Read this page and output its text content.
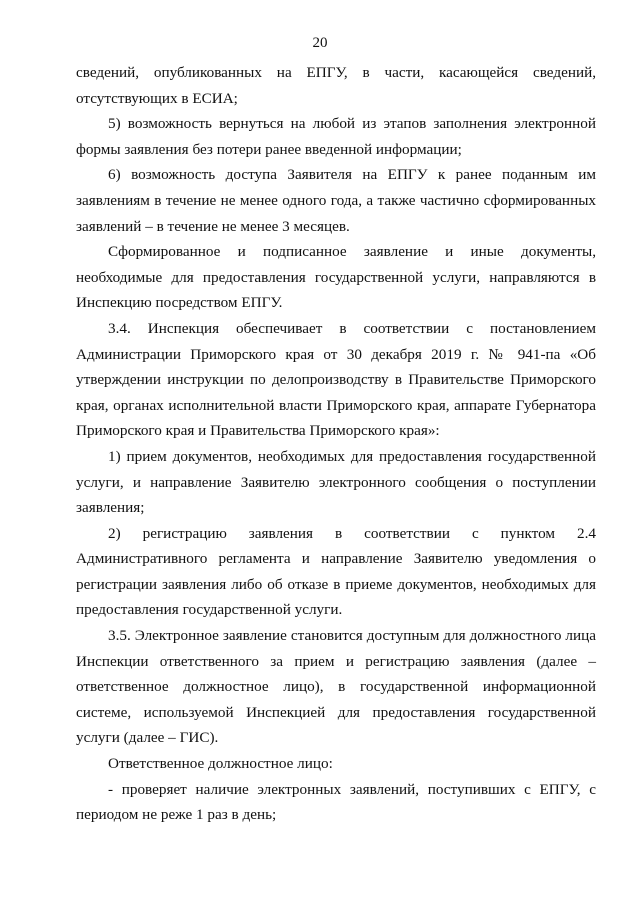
20

сведений, опубликованных на ЕПГУ, в части, касающейся сведений, отсутствующих в ЕСИА;

5) возможность вернуться на любой из этапов заполнения электронной формы заявления без потери ранее введенной информации;

6) возможность доступа Заявителя на ЕПГУ к ранее поданным им заявлениям в течение не менее одного года, а также частично сформированных заявлений – в течение не менее 3 месяцев.

Сформированное и подписанное заявление и иные документы, необходимые для предоставления государственной услуги, направляются в Инспекцию посредством ЕПГУ.

3.4. Инспекция обеспечивает в соответствии с постановлением Администрации Приморского края от 30 декабря 2019 г. № 941-па «Об утверждении инструкции по делопроизводству в Правительстве Приморского края, органах исполнительной власти Приморского края, аппарате Губернатора Приморского края и Правительства Приморского края»:

1) прием документов, необходимых для предоставления государственной услуги, и направление Заявителю электронного сообщения о поступлении заявления;

2) регистрацию заявления в соответствии с пунктом 2.4 Административного регламента и направление Заявителю уведомления о регистрации заявления либо об отказе в приеме документов, необходимых для предоставления государственной услуги.

3.5. Электронное заявление становится доступным для должностного лица Инспекции ответственного за прием и регистрацию заявления (далее – ответственное должностное лицо), в государственной информационной системе, используемой Инспекцией для предоставления государственной услуги (далее – ГИС).

Ответственное должностное лицо:

- проверяет наличие электронных заявлений, поступивших с ЕПГУ, с периодом не реже 1 раз в день;
